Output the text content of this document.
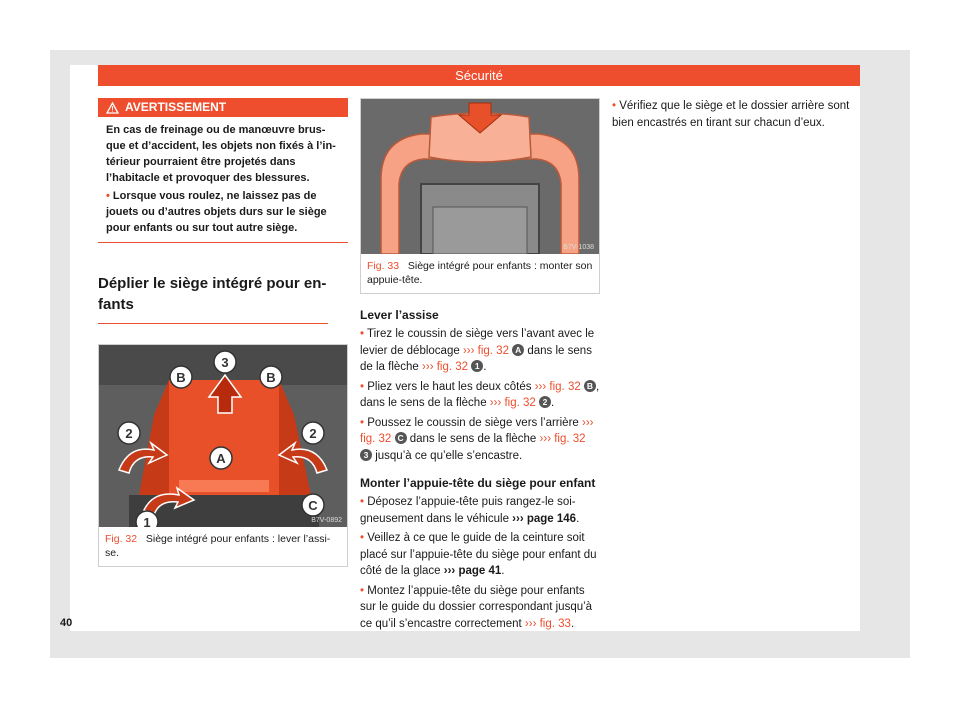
Sécurité
AVERTISSEMENT

En cas de freinage ou de manœuvre brus-que et d’accident, les objets non fixés à l’in-térieur pourraient être projetés dans l’habitacle et provoquer des blessures.

• Lorsque vous roulez, ne laissez pas de jouets ou d’autres objets durs sur le siège pour enfants ou sur tout autre siège.

Déplier le siège intégré pour en-fants
3
B	B
2	2
A
C
1	B7V-0892
Fig. 32 Siège intégré pour enfants : lever l’assi-se.
B7V-1038
Fig. 33 Siège intégré pour enfants : monter son appuie-tête.
Lever l’assise

• Tirez le coussin de siège vers l’avant avec le levier de déblocage ››› fig. 32 A dans le sens de la flèche ››› fig. 32 1 .

• Pliez vers le haut les deux côtés ››› fig. 32 B , dans le sens de la flèche ››› fig. 32 2 .

• Poussez le coussin de siège vers l’arrière ››› fig. 32 C dans le sens de la flèche ››› fig. 32 3 jusqu’à ce qu’elle s’encastre.

Monter l’appuie-tête du siège pour enfant

• Déposez l’appuie-tête puis rangez-le soi-gneusement dans le véhicule ››› page 146.

• Veillez à ce que le guide de la ceinture soit placé sur l’appuie-tête du siège pour enfant du côté de la glace ››› page 41.

• Montez l’appuie-tête du siège pour enfants sur le guide du dossier correspondant jusqu’à ce qu’il s’encastre correctement ››› fig. 33.

• Vérifiez que le siège et le dossier arrière sont bien encastrés en tirant sur chacun d’eux.

40
